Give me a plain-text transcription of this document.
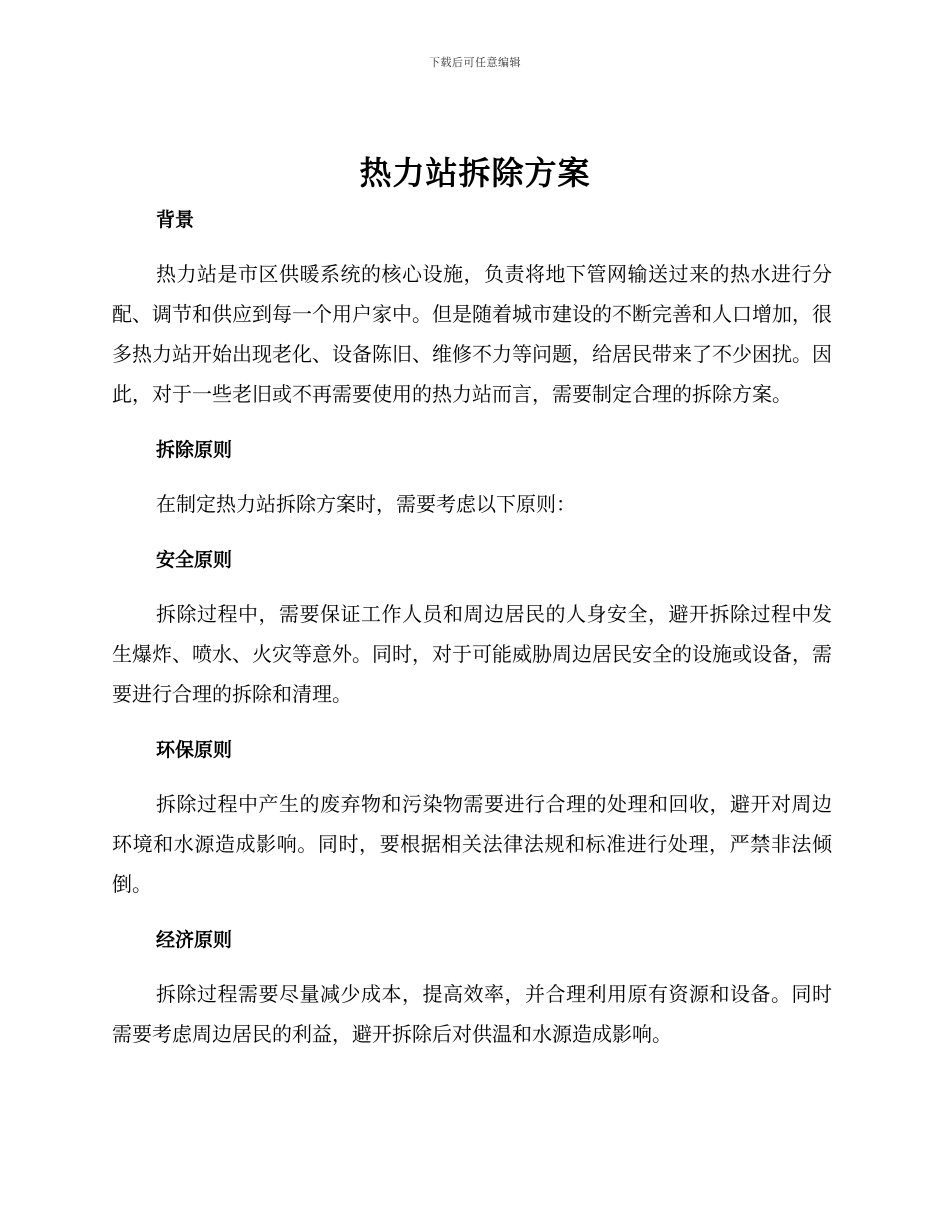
下载后可任意编辑
热力站拆除方案
背景

热力站是市区供暖系统的核心设施，负责将地下管网输送过来的热水进行分配、调节和供应到每一个用户家中。但是随着城市建设的不断完善和人口增加，很多热力站开始出现老化、设备陈旧、维修不力等问题，给居民带来了不少困扰。因此，对于一些老旧或不再需要使用的热力站而言，需要制定合理的拆除方案。

拆除原则

在制定热力站拆除方案时，需要考虑以下原则：

安全原则

拆除过程中，需要保证工作人员和周边居民的人身安全，避开拆除过程中发生爆炸、喷水、火灾等意外。同时，对于可能威胁周边居民安全的设施或设备，需要进行合理的拆除和清理。

环保原则

拆除过程中产生的废弃物和污染物需要进行合理的处理和回收，避开对周边环境和水源造成影响。同时，要根据相关法律法规和标准进行处理，严禁非法倾倒。

经济原则

拆除过程需要尽量减少成本，提高效率，并合理利用原有资源和设备。同时需要考虑周边居民的利益，避开拆除后对供温和水源造成影响。
